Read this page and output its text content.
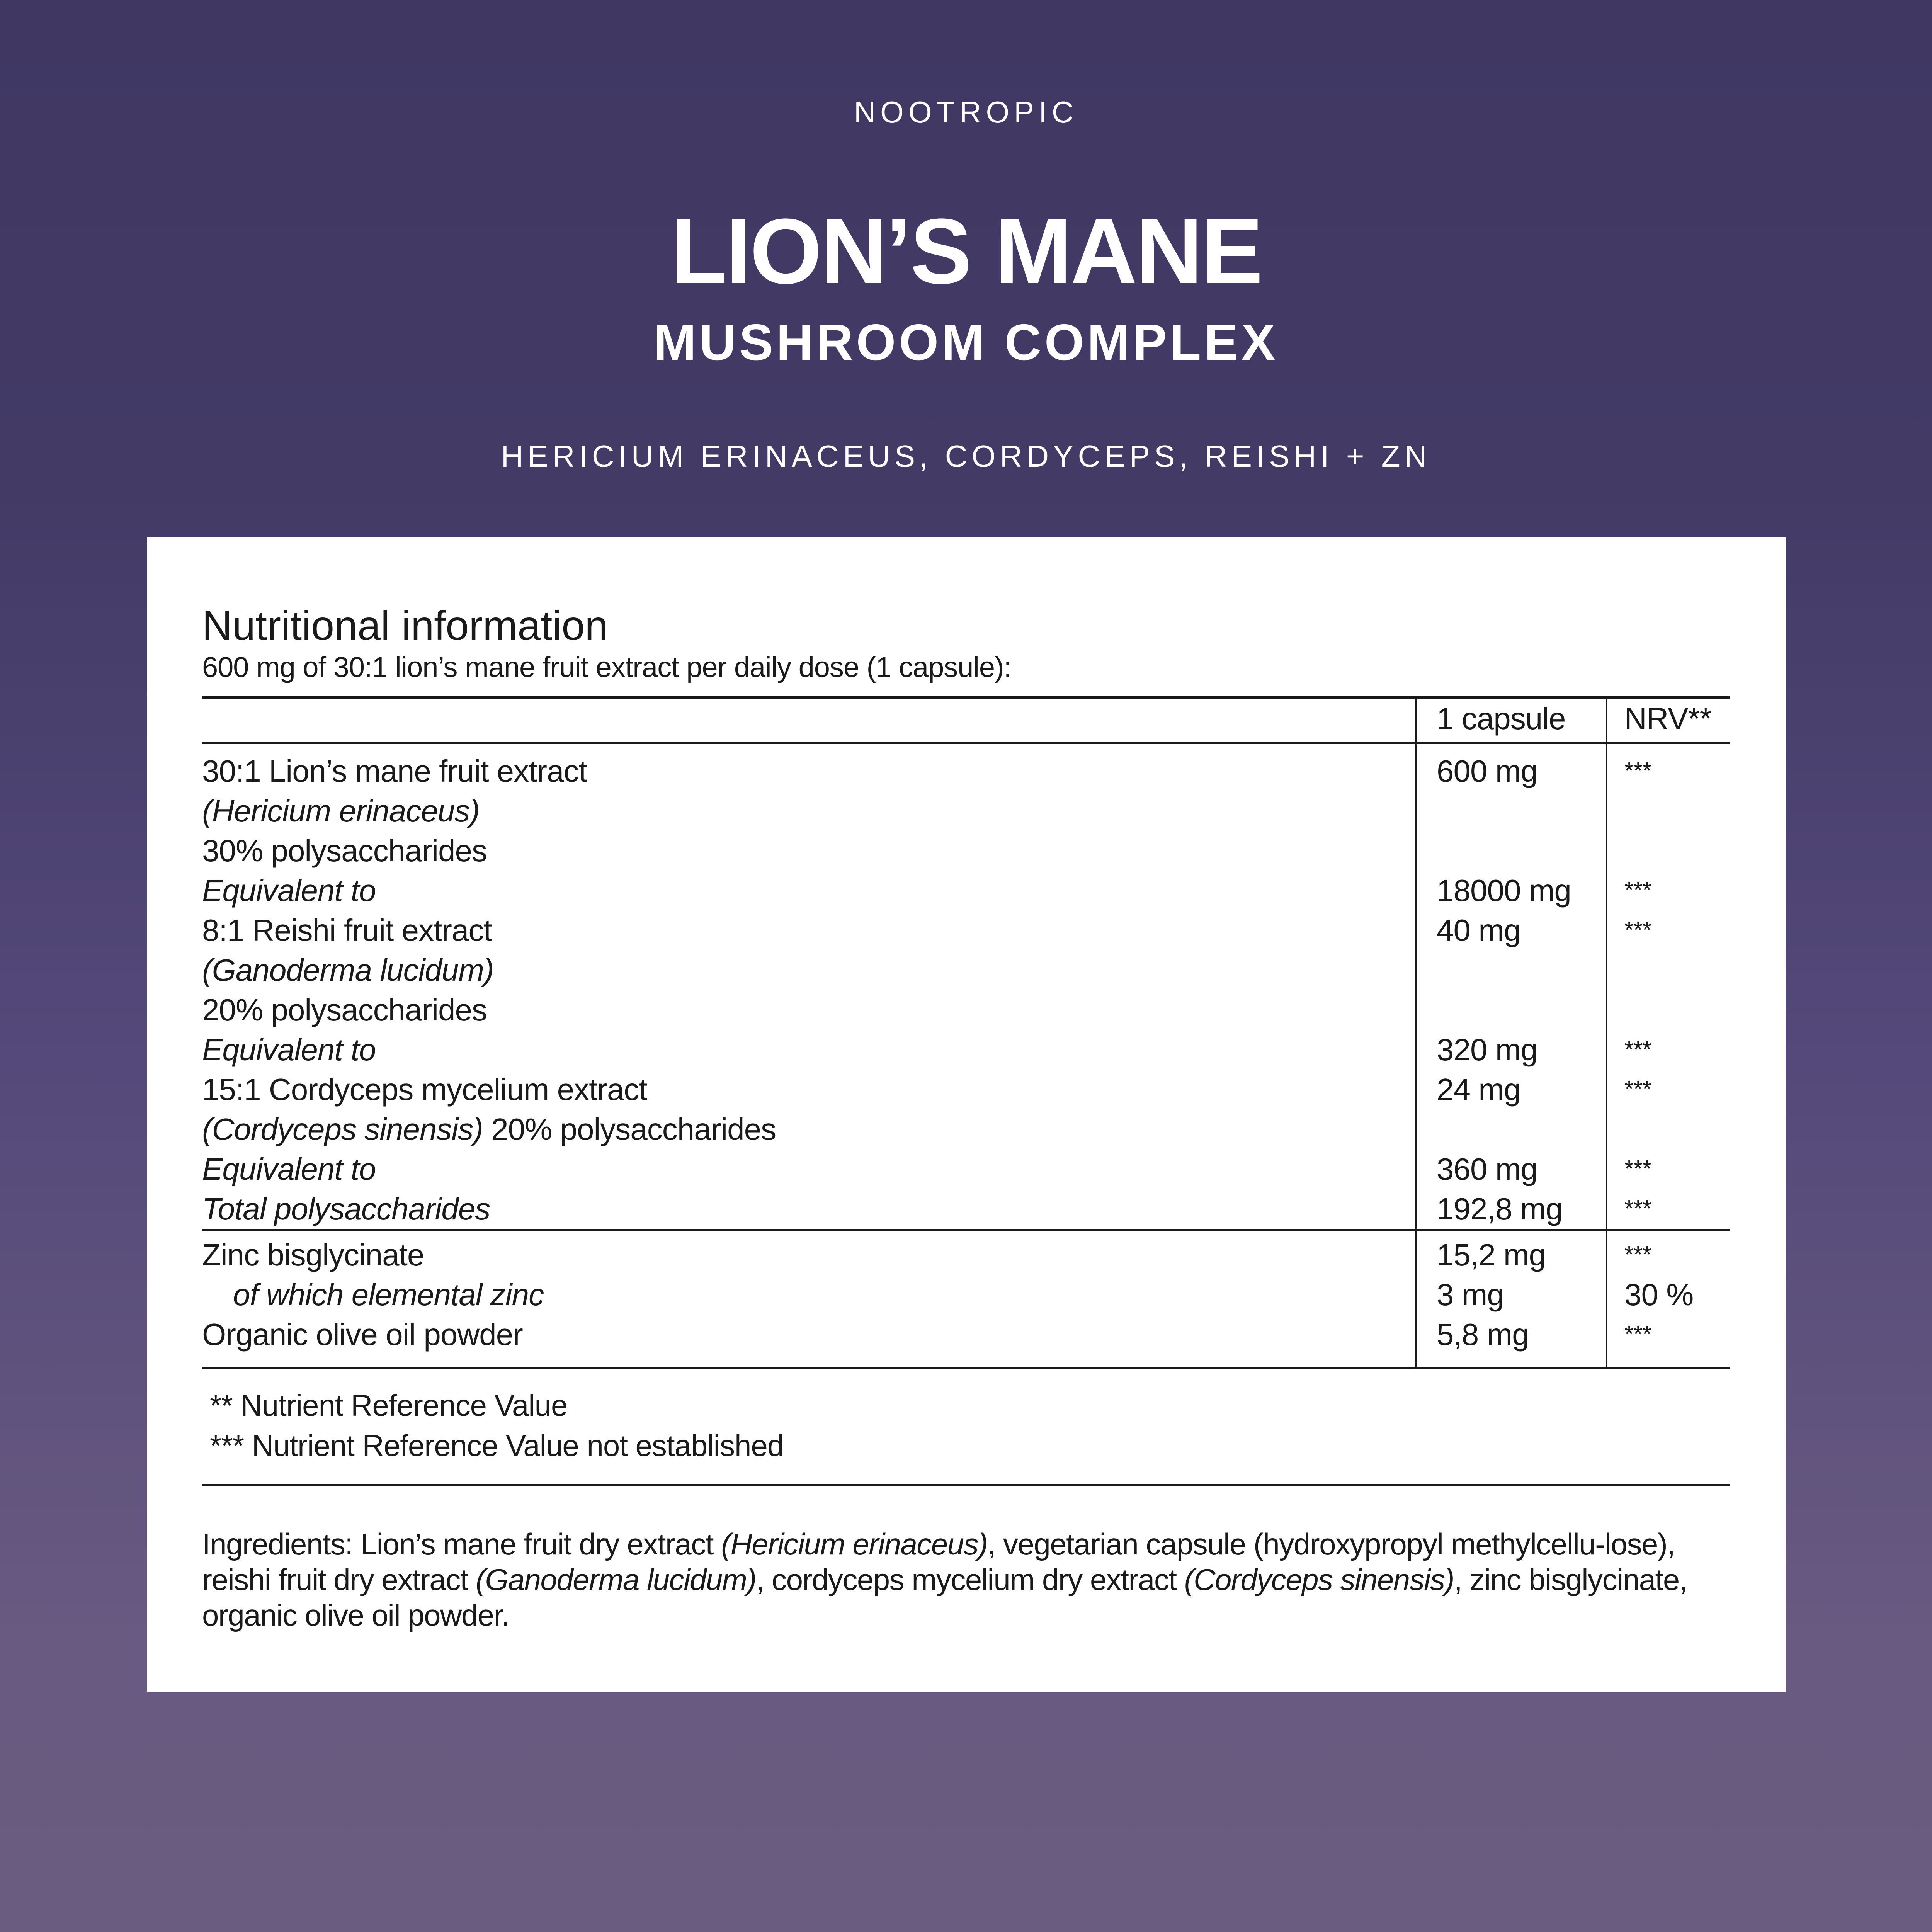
NOOTROPIC
LION’S MANE
MUSHROOM COMPLEX
HERICIUM ERINACEUS, CORDYCEPS, REISHI + ZN
Nutritional information
600 mg of 30:1 lion’s mane fruit extract per daily dose (1 capsule):
	1 capsule	NRV**
30:1 Lion’s mane fruit extract	600 mg	***
(Hericium erinaceus)		
30% polysaccharides		
Equivalent to	18000 mg	***
8:1 Reishi fruit extract	40 mg	***
(Ganoderma lucidum)		
20% polysaccharides		
Equivalent to	320 mg	***
15:1 Cordyceps mycelium extract	24 mg	***
(Cordyceps sinensis) 20% polysaccharides		
Equivalent to	360 mg	***
Total polysaccharides	192,8 mg	***
Zinc bisglycinate	15,2 mg	***
of which elemental zinc	3 mg	30 %
Organic olive oil powder	5,8 mg	***
** Nutrient Reference Value
*** Nutrient Reference Value not established
Ingredients: Lion’s mane fruit dry extract (Hericium erinaceus), vegetarian capsule (hydroxypropyl methylcellu-lose), reishi fruit dry extract (Ganoderma lucidum), cordyceps mycelium dry extract (Cordyceps sinensis), zinc bisglycinate, organic olive oil powder.
